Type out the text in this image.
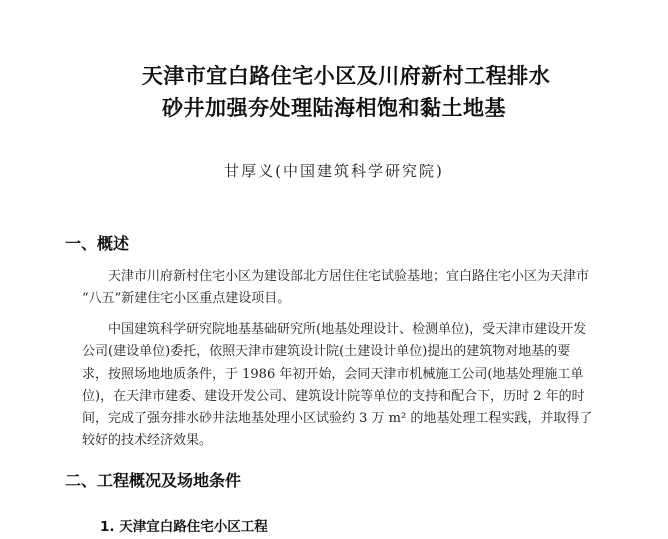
天津市宜白路住宅小区及川府新村工程排水
砂井加强夯处理陆海相饱和黏土地基
甘厚义(中国建筑科学研究院)
一、概述
天津市川府新村住宅小区为建设部北方居住住宅试验基地；宜白路住宅小区为天津市
“八五”新建住宅小区重点建设项目。
中国建筑科学研究院地基基础研究所(地基处理设计、检测单位)，受天津市建设开发
公司(建设单位)委托，依照天津市建筑设计院(土建设计单位)提出的建筑物对地基的要
求，按照场地地质条件，于 1986 年初开始，会同天津市机械施工公司(地基处理施工单
位)，在天津市建委、建设开发公司、建筑设计院等单位的支持和配合下，历时 2 年的时
间，完成了强夯排水砂井法地基处理小区试验约 3 万 m² 的地基处理工程实践，并取得了
较好的技术经济效果。
二、工程概况及场地条件
1. 天津宜白路住宅小区工程
